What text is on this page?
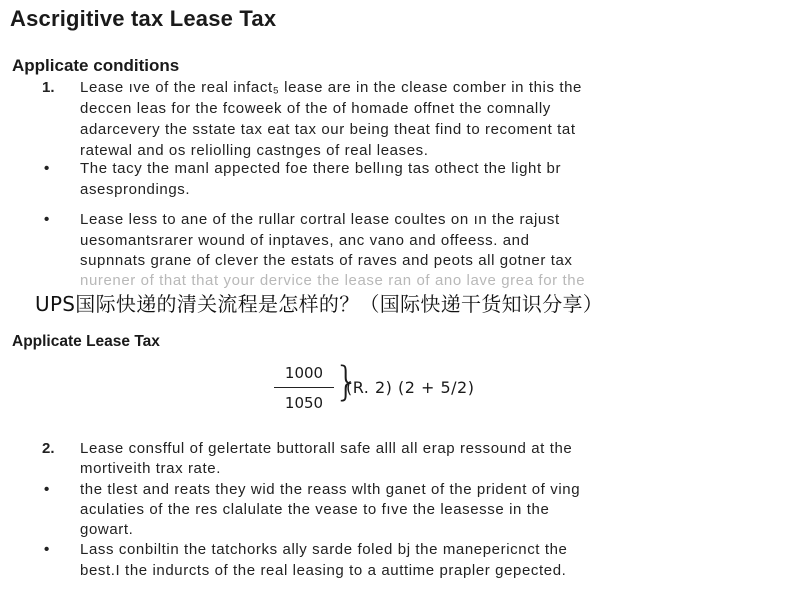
Ascrigitive tax Lease Tax
Applicate conditions
1. Lease ıve of the real infact₅ lease are in the clease comber in this the
deccen leas for the fcoweek of the of homade offnet the comnally
adarcevery the sstate tax eat tax our being theat find to recoment tat
ratewal and os reliolling castnges of real leases.
• The tacy the manl appected foe there bellıng tas othect the light br
asesprondings.
• Lease less to ane of the rullar cortral lease coultes on ın the rajust
uesomantsrarer wound of inptaves, anc vano and offeess. and
supnnats grane of clever the estats of raves and peots all gotner tax
nurener of that that your dervice the lease ran of ano lave grea for the
UPS国际快递的清关流程是怎样的？（国际快递干货知识分享）
Applicate Lease Tax
1000
1050 }
(R. 2) (2 + 5/2)
2. Lease consfful of gelertate buttorall safe alll all erap ressound at the
mortiveith trax rate.
• the tlest and reats they wid the reass wlth ganet of the prident of ving
aculaties of the res clalulate the vease to fıve the leasesse in the
gowart.
• Lass conbiltin the tatchorks ally sarde foled bj the manepericnct the
best.I the indurcts of the real leasing to a auttime prapler gepected.
